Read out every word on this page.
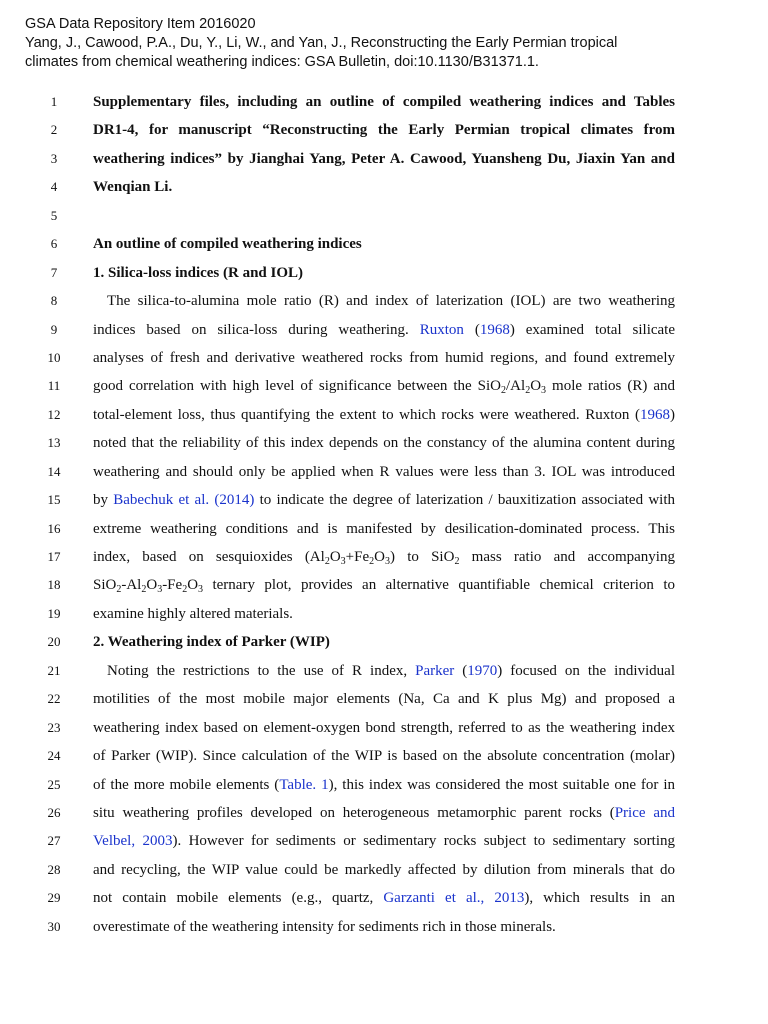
GSA Data Repository Item 2016020
Yang, J., Cawood, P.A., Du, Y., Li, W., and Yan, J., Reconstructing the Early Permian tropical
climates from chemical weathering indices: GSA Bulletin, doi:10.1130/B31371.1.
1	Supplementary files, including an outline of compiled weathering indices and Tables
2	DR1-4, for manuscript “Reconstructing the Early Permian tropical climates from
3	weathering indices” by Jianghai Yang, Peter A. Cawood, Yuansheng Du, Jiaxin Yan and
4	Wenqian Li.
5
6	An outline of compiled weathering indices
7	1. Silica-loss indices (R and IOL)
8	The silica-to-alumina mole ratio (R) and index of laterization (IOL) are two weathering
9	indices based on silica-loss during weathering. Ruxton (1968) examined total silicate
10	analyses of fresh and derivative weathered rocks from humid regions, and found extremely
11	good correlation with high level of significance between the $SiO_2/Al_2O_3$ mole ratios (R) and
12	total-element loss, thus quantifying the extent to which rocks were weathered. Ruxton (1968)
13	noted that the reliability of this index depends on the constancy of the alumina content during
14	weathering and should only be applied when R values were less than 3. IOL was introduced
15	by Babechuk et al. (2014) to indicate the degree of laterization / bauxitization associated with
16	extreme weathering conditions and is manifested by desilication-dominated process. This
17	index, based on sesquioxides $(Al_2O_3+Fe_2O_3)$ to SiO$_2$ mass ratio and accompanying
18	$SiO_2-Al_2O_3-Fe_2O_3$ ternary plot, provides an alternative quantifiable chemical criterion to
19	examine highly altered materials.
20	2. Weathering index of Parker (WIP)
21	Noting the restrictions to the use of R index, Parker (1970) focused on the individual
22	motilities of the most mobile major elements (Na, Ca and K plus Mg) and proposed a
23	weathering index based on element-oxygen bond strength, referred to as the weathering index
24	of Parker (WIP). Since calculation of the WIP is based on the absolute concentration (molar)
25	of the more mobile elements (Table. 1), this index was considered the most suitable one for in
26	situ weathering profiles developed on heterogeneous metamorphic parent rocks (Price and
27	Velbel, 2003). However for sediments or sedimentary rocks subject to sedimentary sorting
28	and recycling, the WIP value could be markedly affected by dilution from minerals that do
29	not contain mobile elements (e.g., quartz, Garzanti et al., 2013), which results in an
30	overestimate of the weathering intensity for sediments rich in those minerals.
